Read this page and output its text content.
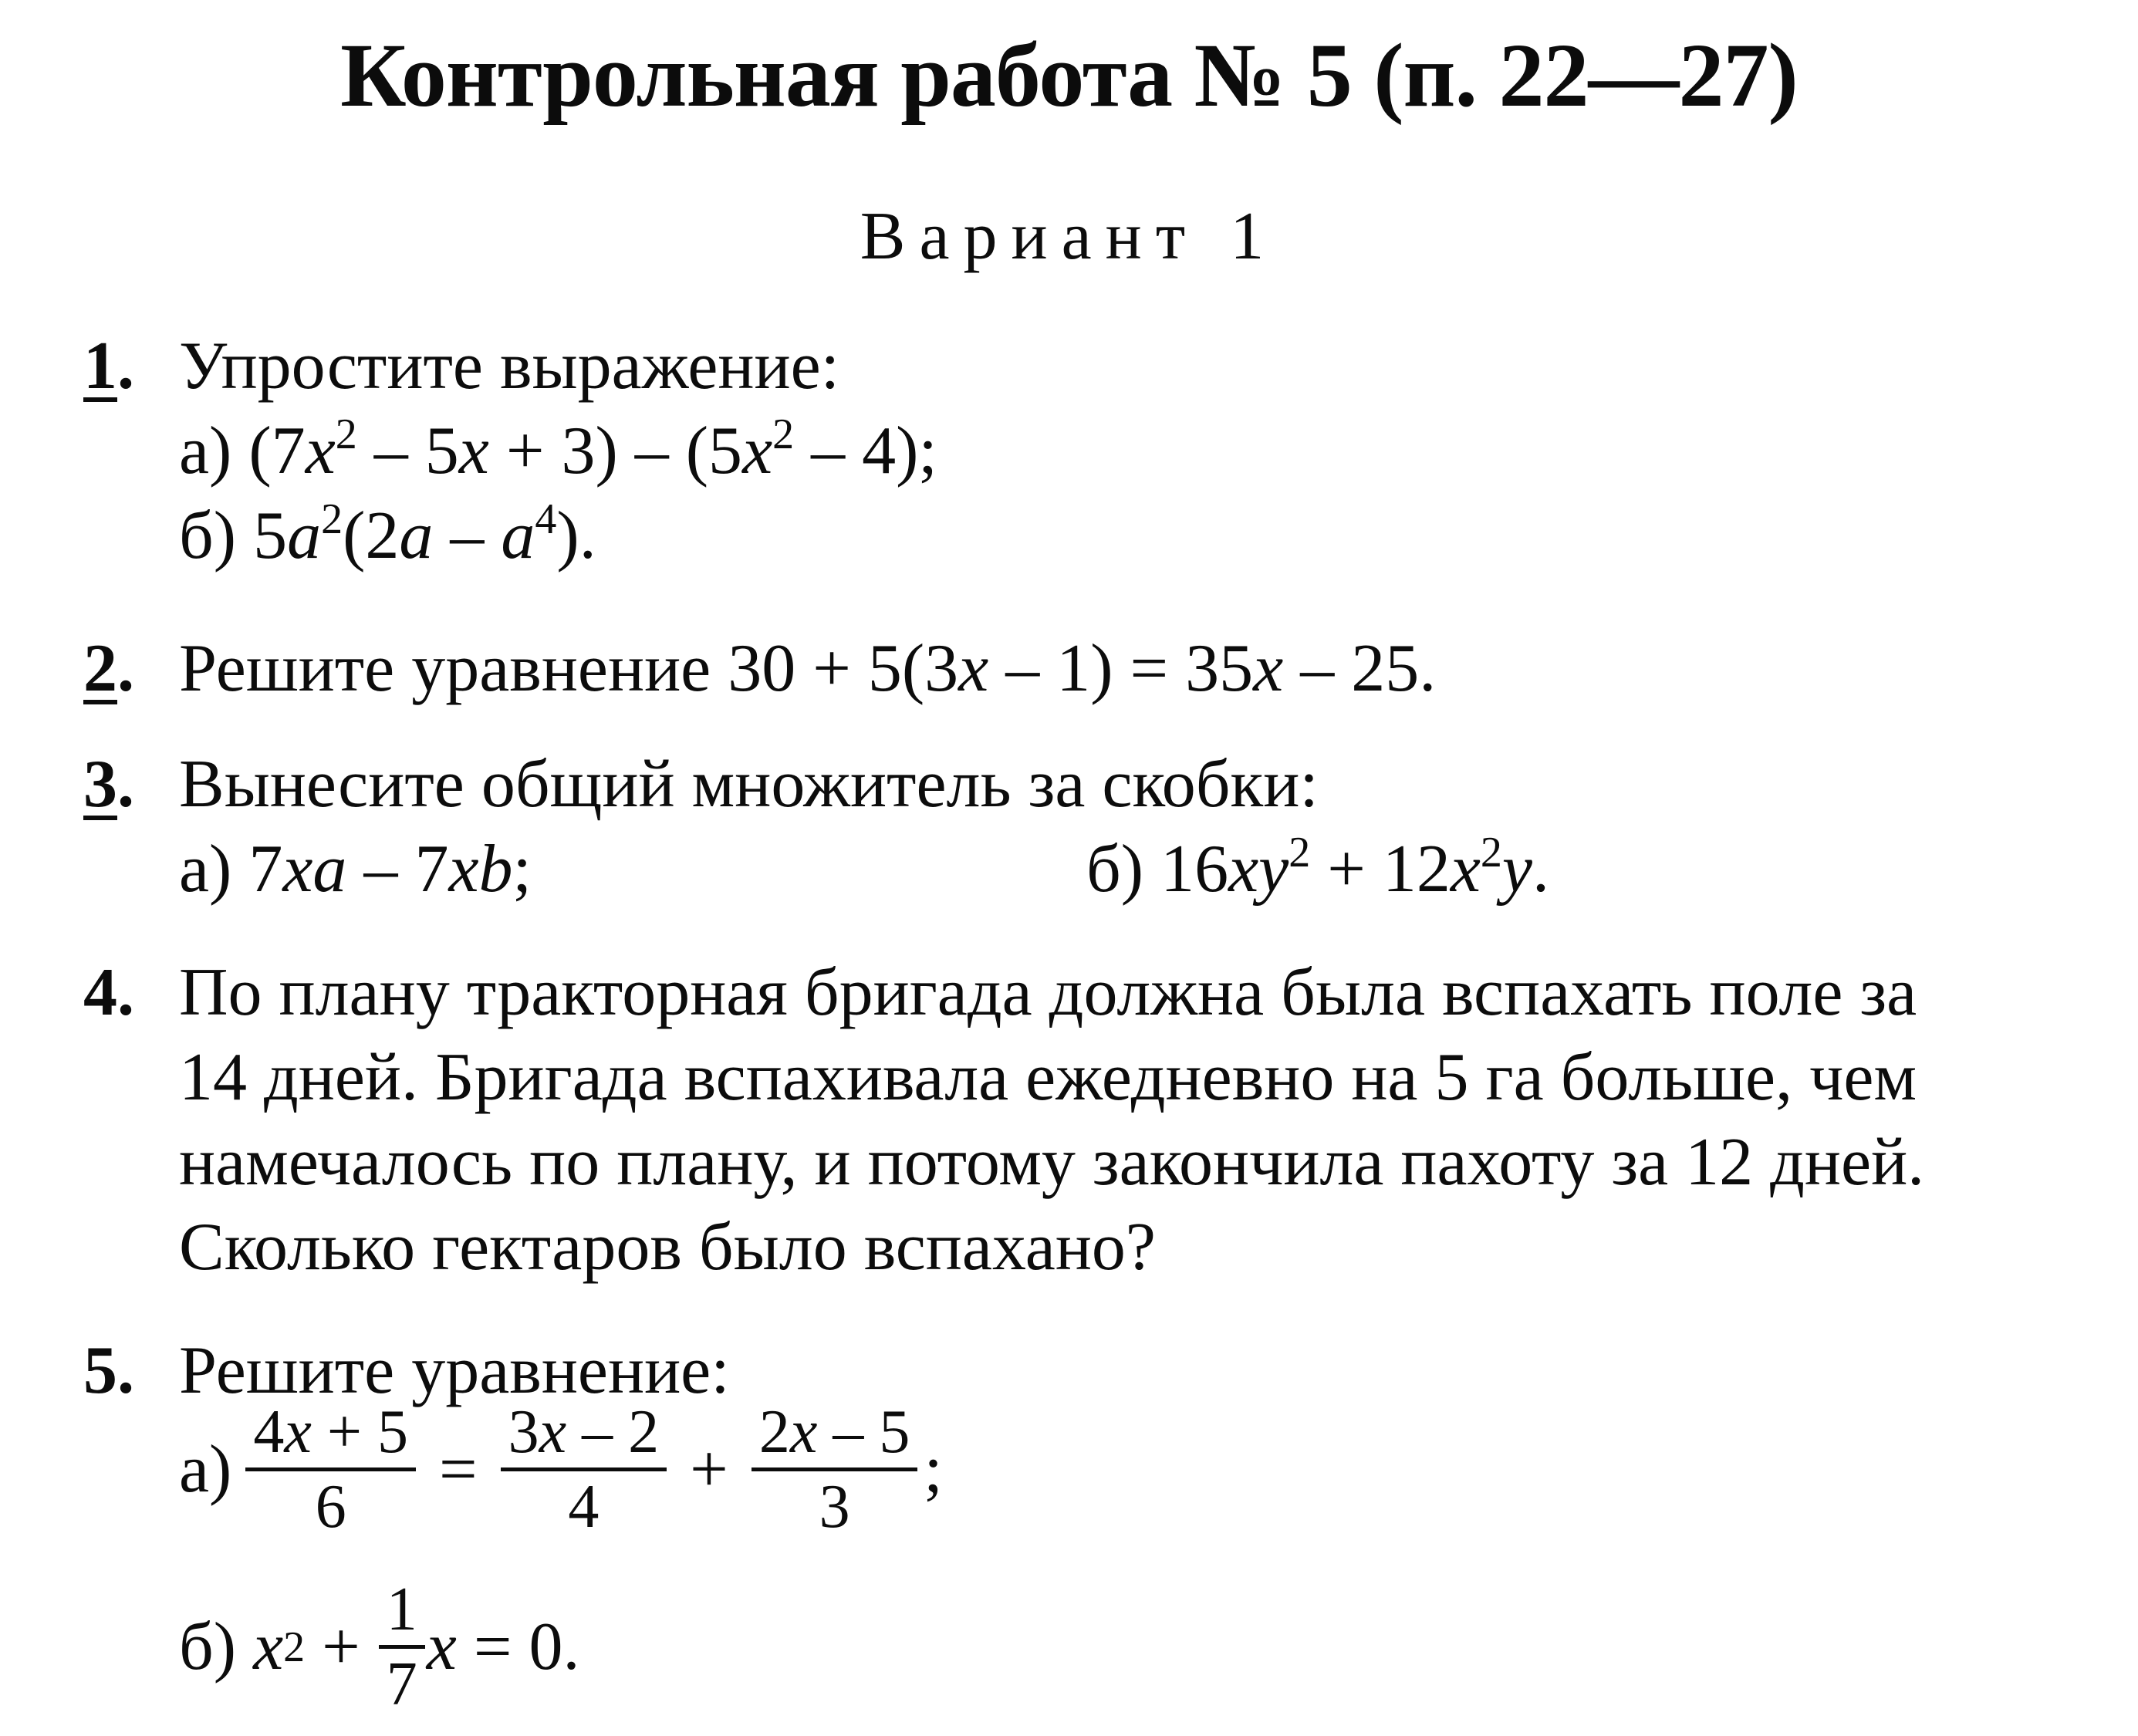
Контрольная работа № 5 (п. 22—27)
Вариант 1
1. Упростите выражение:
а) $(7x^2 - 5x + 3) - (5x^2 - 4)$;
б) $5a^2(2a - a^4)$.
2. Решите уравнение 30 + 5(3x – 1) = 35x – 25.
3. Вынесите общий множитель за скобки:
а) 7xa – 7xb;	б) $16xy^2 + 12x^2y$.
4. По плану тракторная бригада должна была вспахать поле за
14 дней. Бригада вспахивала ежедневно на 5 га больше, чем
намечалось по плану, и потому закончила пахоту за 12 дней.
Сколько гектаров было вспахано?
5. Решите уравнение:
$а) \frac{4x + 5}{6} = \frac{3x - 2}{4} + \frac{2x - 5}{3}$ ;
б) x $2 + \frac{1}{7}$ x = 0.
